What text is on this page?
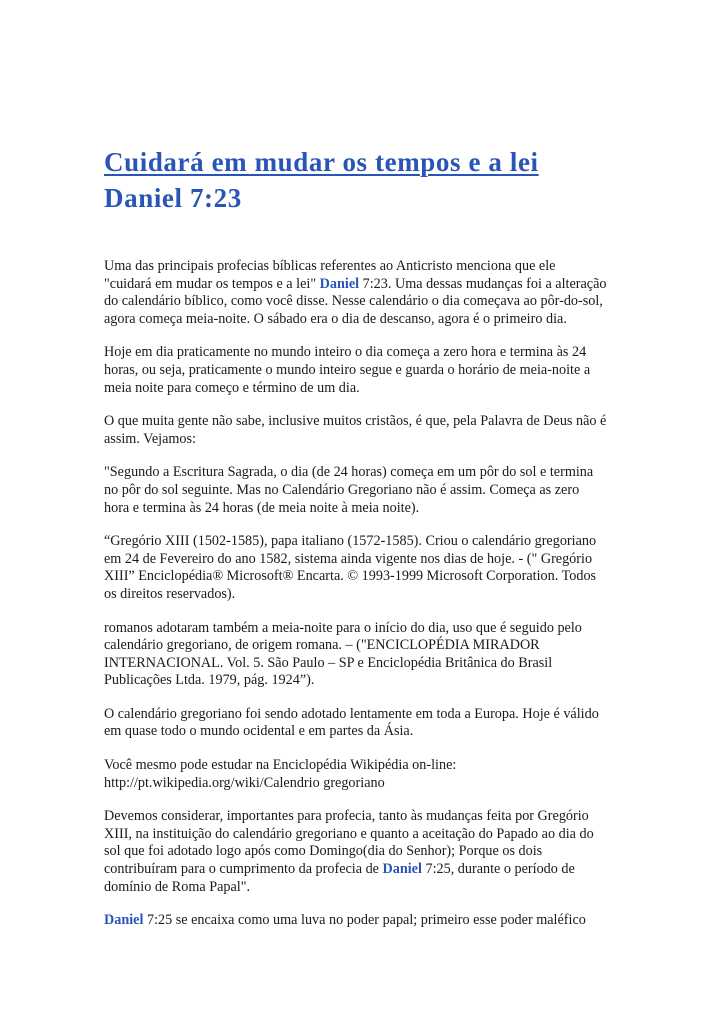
Cuidará em mudar os tempos e a lei
Daniel 7:23

Uma das principais profecias bíblicas referentes ao Anticristo menciona que ele
"cuidará em mudar os tempos e a lei" Daniel 7:23. Uma dessas mudanças foi a alteração
do calendário bíblico, como você disse. Nesse calendário o dia começava ao pôr-do-sol,
agora começa meia-noite. O sábado era o dia de descanso, agora é o primeiro dia.

Hoje em dia praticamente no mundo inteiro o dia começa a zero hora e termina às 24
horas, ou seja, praticamente o mundo inteiro segue e guarda o horário de meia-noite a
meia noite para começo e término de um dia.

O que muita gente não sabe, inclusive muitos cristãos, é que, pela Palavra de Deus não é
assim. Vejamos:

"Segundo a Escritura Sagrada, o dia (de 24 horas) começa em um pôr do sol e termina
no pôr do sol seguinte. Mas no Calendário Gregoriano não é assim. Começa as zero
hora e termina às 24 horas (de meia noite à meia noite).

“Gregório XIII (1502-1585), papa italiano (1572-1585). Criou o calendário gregoriano
em 24 de Fevereiro do ano 1582, sistema ainda vigente nos dias de hoje. - (" Gregório
XIII” Enciclopédia® Microsoft® Encarta. © 1993-1999 Microsoft Corporation. Todos
os direitos reservados).

romanos adotaram também a meia-noite para o início do dia, uso que é seguido pelo
calendário gregoriano, de origem romana. – ("ENCICLOPÉDIA MIRADOR
INTERNACIONAL. Vol. 5. São Paulo – SP e Enciclopédia Britânica do Brasil
Publicações Ltda. 1979, pág. 1924”).

O calendário gregoriano foi sendo adotado lentamente em toda a Europa. Hoje é válido
em quase todo o mundo ocidental e em partes da Ásia.

Você mesmo pode estudar na Enciclopédia Wikipédia on-line:
http://pt.wikipedia.org/wiki/Calendrio gregoriano

Devemos considerar, importantes para profecia, tanto às mudanças feita por Gregório
XIII, na instituição do calendário gregoriano e quanto a aceitação do Papado ao dia do
sol que foi adotado logo após como Domingo(dia do Senhor); Porque os dois
contribuíram para o cumprimento da profecia de Daniel 7:25, durante o período de
domínio de Roma Papal".

Daniel 7:25 se encaixa como uma luva no poder papal; primeiro esse poder maléfico
